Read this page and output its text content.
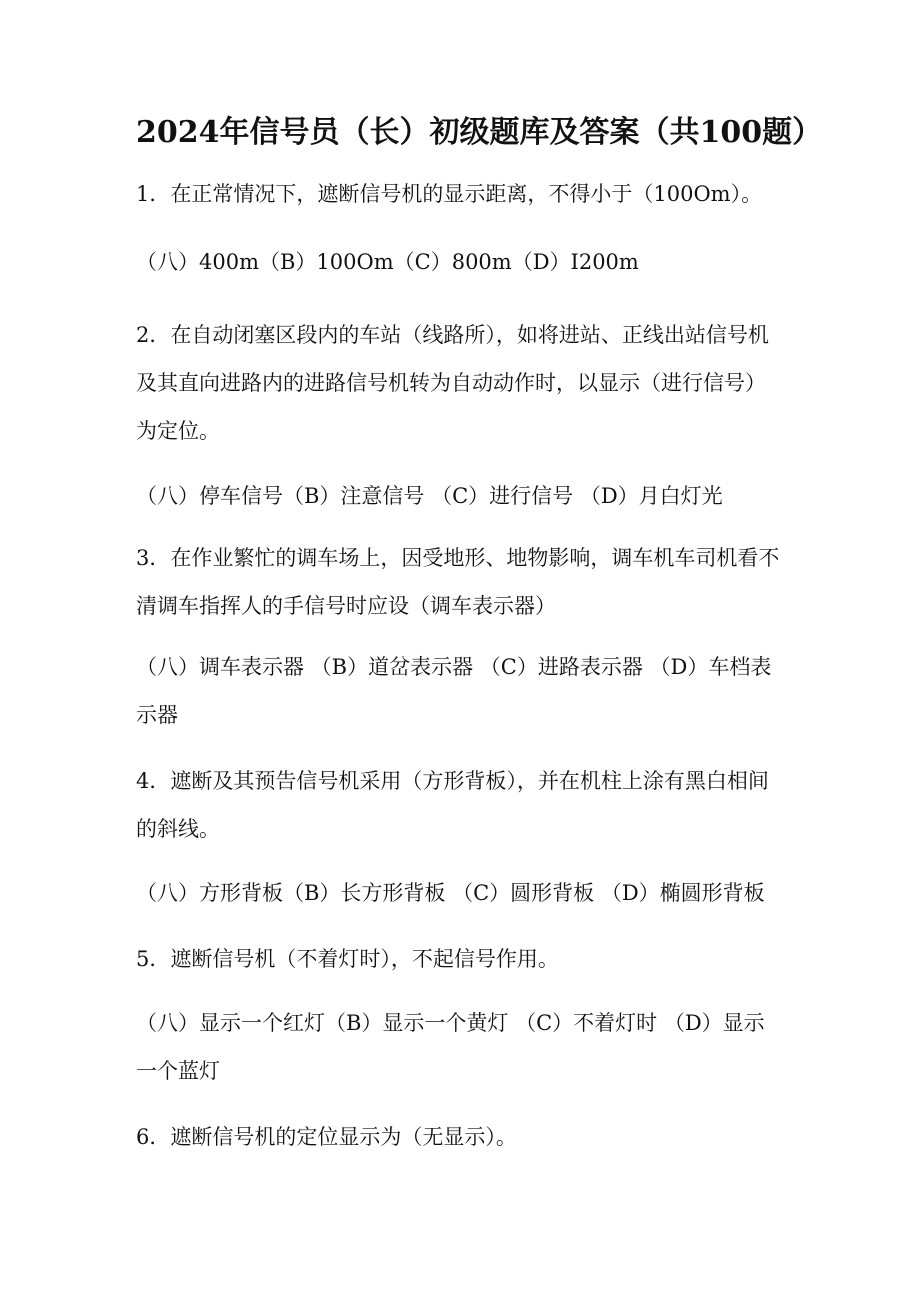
2024年信号员（长）初级题库及答案（共100题）
1．在正常情况下，遮断信号机的显示距离，不得小于（100Om）。
（八）400m（B）100Om（C）800m（D）I200m
2．在自动闭塞区段内的车站（线路所），如将进站、正线出站信号机
及其直向进路内的进路信号机转为自动动作时，以显示（进行信号）
为定位。
（八）停车信号（B）注意信号 （C）进行信号 （D）月白灯光
3．在作业繁忙的调车场上，因受地形、地物影响，调车机车司机看不
清调车指挥人的手信号时应设（调车表示器）
（八）调车表示器 （B）道岔表示器 （C）进路表示器 （D）车档表
示器
4．遮断及其预告信号机采用（方形背板），并在机柱上涂有黑白相间
的斜线。
（八）方形背板（B）长方形背板 （C）圆形背板 （D）椭圆形背板
5．遮断信号机（不着灯时），不起信号作用。
（八）显示一个红灯（B）显示一个黄灯 （C）不着灯时 （D）显示
一个蓝灯
6．遮断信号机的定位显示为（无显示）。
